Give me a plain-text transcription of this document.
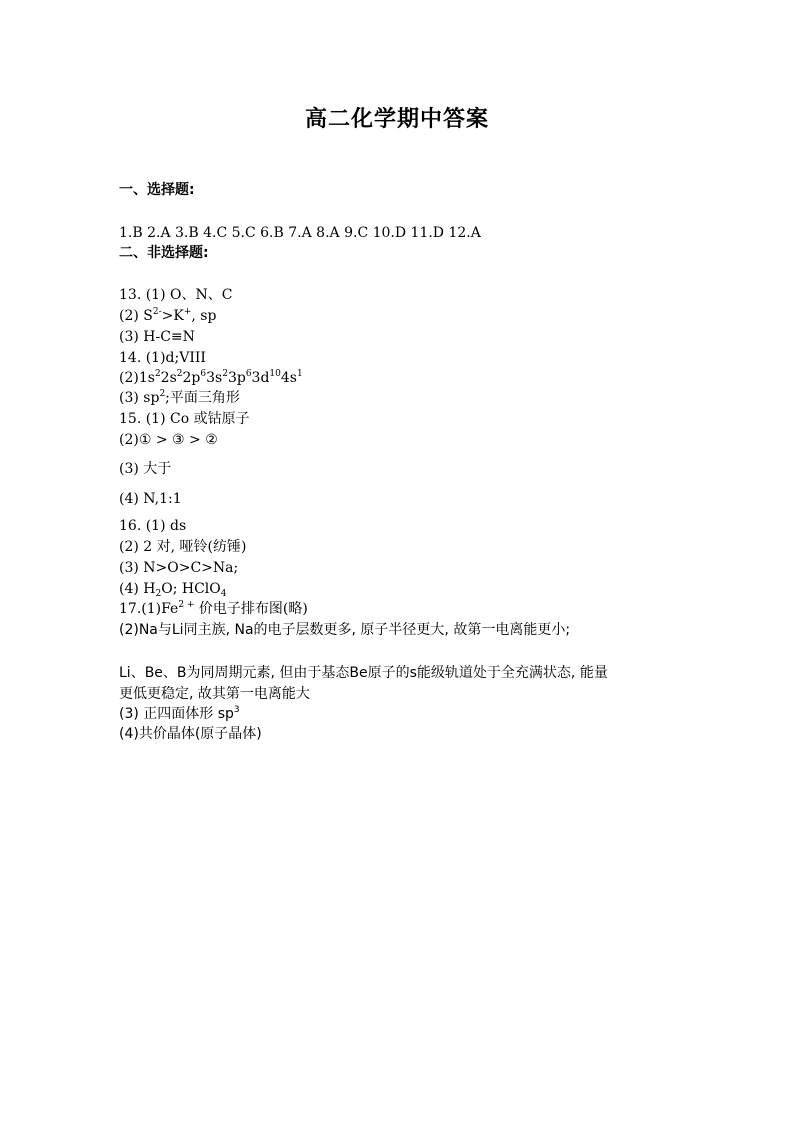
高二化学期中答案
一、选择题:
1.B 2.A 3.B 4.C 5.C 6.B 7.A 8.A 9.C 10.D 11.D 12.A
二、非选择题:
13. (1) O、N、C
(2) $S^{2-}>K^+$, sp
(3) H-C≡N
14. (1)d;VIII
$(2)1s^22s^22p^63s^23p^63d^{10}4s^1$
(3) $sp^2$;平面三角形
15. (1) Co 或钴原子
(2)① > ③ > ②
(3) 大于
(4) N,1:1
16. (1) ds
(2) 2 对, 哑铃(纺锤)
(3) N>O>C>Na;
(4) $H_2O$; HClO$_4$
$17.(1)Fe^{2 +}$ 价电子排布图(略)
(2)Na与Li同主族, Na的电子层数更多, 原子半径更大, 故第一电离能更小;
Li、Be、B为同周期元素, 但由于基态Be原子的s能级轨道处于全充满状态, 能量
更低更稳定, 故其第一电离能大
(3) 正四面体形 $sp^3$
(4)共价晶体(原子晶体)
